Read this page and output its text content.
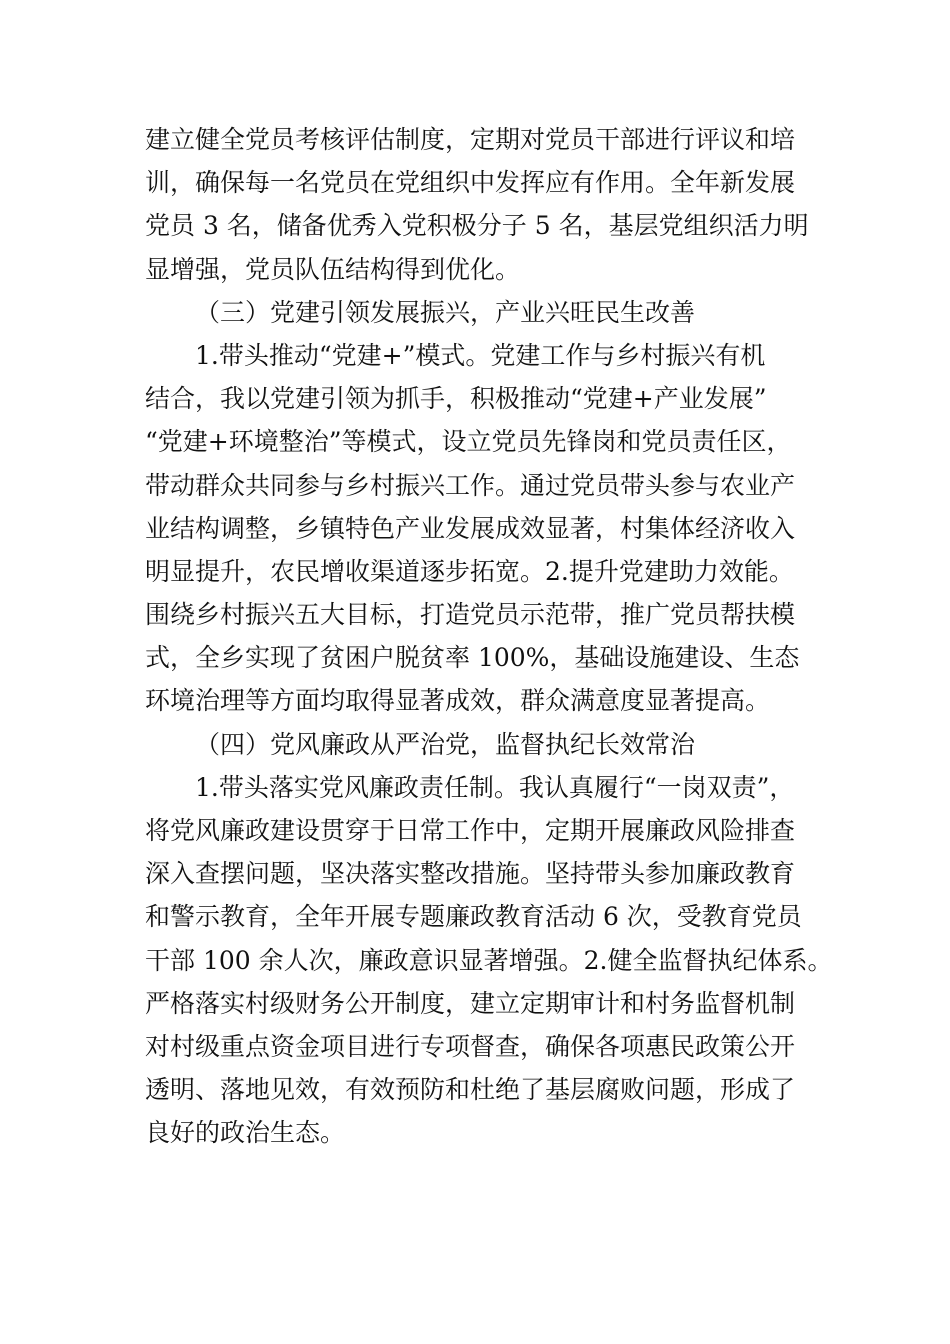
建立健全党员考核评估制度，定期对党员干部进行评议和培
训，确保每一名党员在党组织中发挥应有作用。全年新发展
党员 3 名，储备优秀入党积极分子 5 名，基层党组织活力明
显增强，党员队伍结构得到优化。
（三）党建引领发展振兴，产业兴旺民生改善
1.带头推动“党建+”模式。党建工作与乡村振兴有机
结合，我以党建引领为抓手，积极推动“党建+产业发展”
“党建+环境整治”等模式，设立党员先锋岗和党员责任区，
带动群众共同参与乡村振兴工作。通过党员带头参与农业产
业结构调整，乡镇特色产业发展成效显著，村集体经济收入
明显提升，农民增收渠道逐步拓宽。2.提升党建助力效能。
围绕乡村振兴五大目标，打造党员示范带，推广党员帮扶模
式，全乡实现了贫困户脱贫率 100%，基础设施建设、生态
环境治理等方面均取得显著成效，群众满意度显著提高。
（四）党风廉政从严治党，监督执纪长效常治
1.带头落实党风廉政责任制。我认真履行“一岗双责”，
将党风廉政建设贯穿于日常工作中，定期开展廉政风险排查
深入查摆问题，坚决落实整改措施。坚持带头参加廉政教育
和警示教育，全年开展专题廉政教育活动 6 次，受教育党员
干部 100 余人次，廉政意识显著增强。2.健全监督执纪体系。
严格落实村级财务公开制度，建立定期审计和村务监督机制
对村级重点资金项目进行专项督查，确保各项惠民政策公开
透明、落地见效，有效预防和杜绝了基层腐败问题，形成了
良好的政治生态。
